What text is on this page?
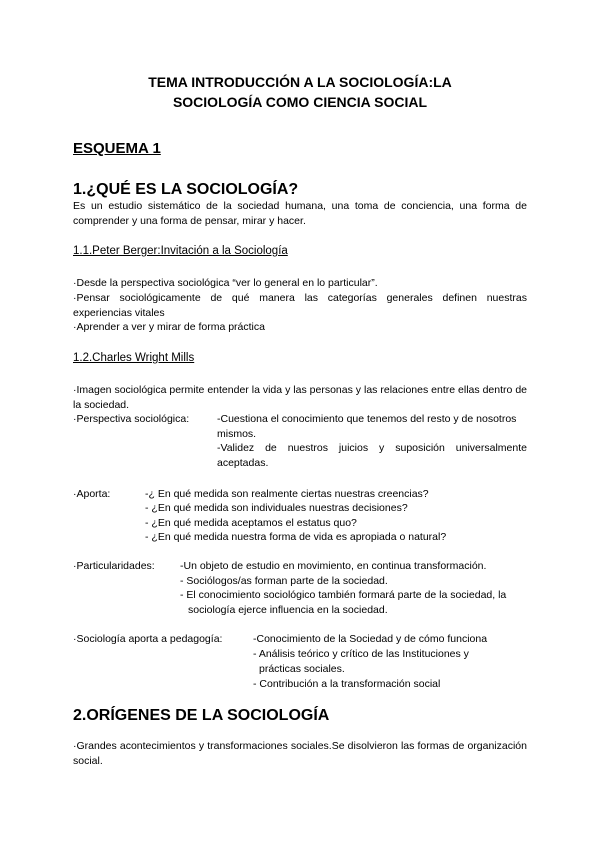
TEMA INTRODUCCIÓN A LA SOCIOLOGÍA:LA
SOCIOLOGÍA COMO CIENCIA SOCIAL
ESQUEMA 1
1.¿QUÉ ES LA SOCIOLOGÍA?
Es un estudio sistemático de la sociedad humana, una toma de conciencia, una forma de comprender y una forma de pensar, mirar y hacer.
1.1.Peter Berger:Invitación a la Sociología
·Desde la perspectiva sociológica “ver lo general en lo particular”.
·Pensar sociológicamente de qué manera las categorías generales definen nuestras experiencias vitales
·Aprender a ver y mirar de forma práctica
1.2.Charles Wright Mills
·Imagen sociológica permite entender la vida y las personas y las relaciones entre ellas dentro de la sociedad.
·Perspectiva sociológica:	-Cuestiona el conocimiento que tenemos del resto y de nosotros mismos.
-Validez de nuestros juicios y suposición universalmente aceptadas.
·Aporta:	-¿ En qué medida son realmente ciertas nuestras creencias?
- ¿En qué medida son individuales nuestras decisiones?
- ¿En qué medida aceptamos el estatus quo?
- ¿En qué medida nuestra forma de vida es apropiada o natural?
·Particularidades: -Un objeto de estudio en movimiento, en continua transformación.
- Sociólogos/as forman parte de la sociedad.
- El conocimiento sociológico también formará parte de la sociedad, la sociología ejerce influencia en la sociedad.
·Sociología aporta a pedagogía:	-Conocimiento de la Sociedad y de cómo funciona
- Análisis teórico y crítico de las Instituciones y prácticas sociales.
- Contribución a la transformación social
2.ORÍGENES DE LA SOCIOLOGÍA
·Grandes acontecimientos y transformaciones sociales.Se disolvieron las formas de organización social.
